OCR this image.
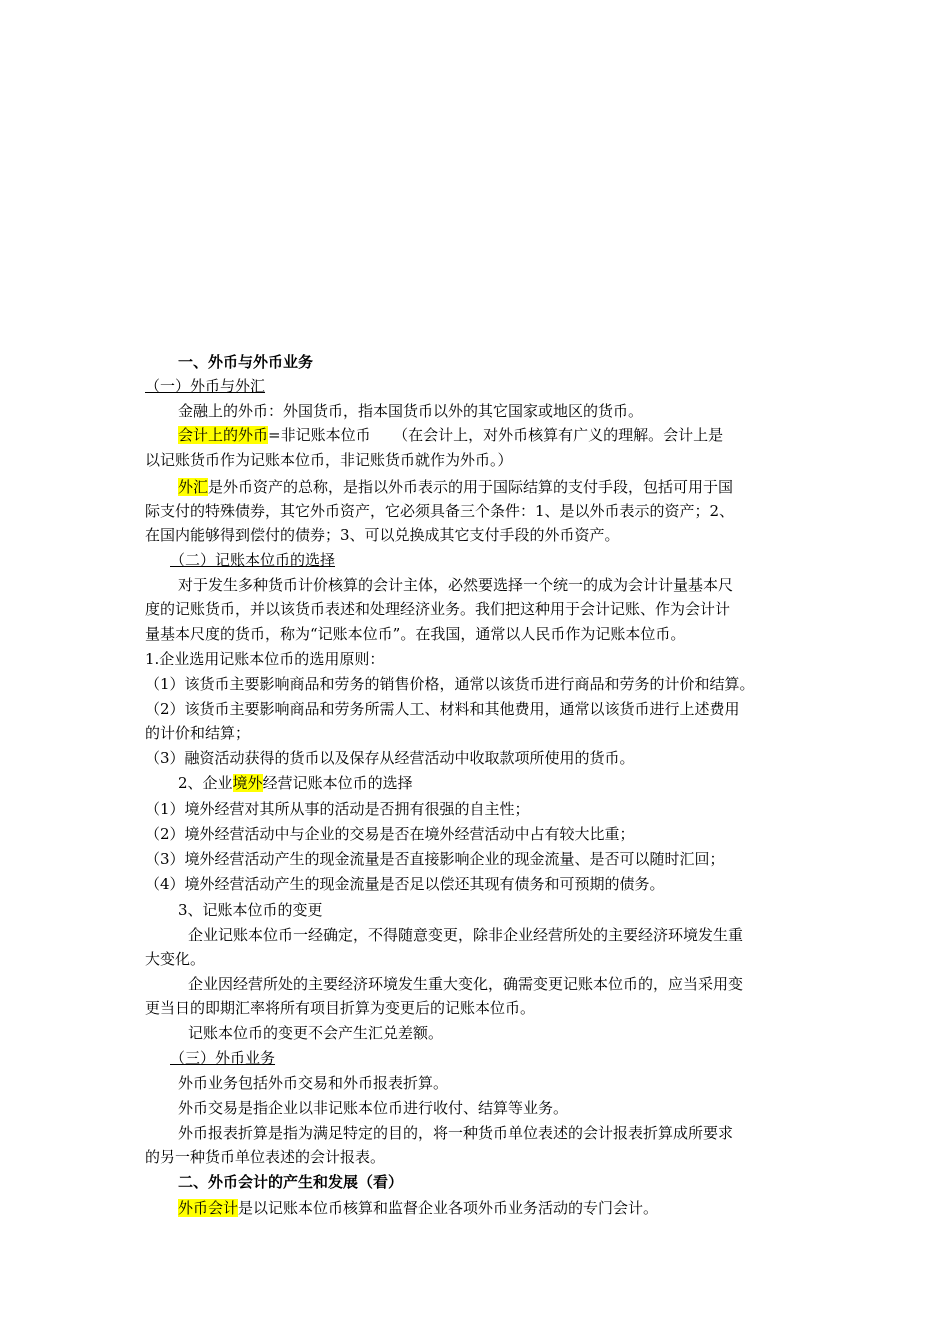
一、外币与外币业务
（一）外币与外汇
金融上的外币：外国货币，指本国货币以外的其它国家或地区的货币。
会计上的外币=非记账本位币　　（在会计上，对外币核算有广义的理解。会计上是
以记账货币作为记账本位币，非记账货币就作为外币。）
外汇是外币资产的总称，是指以外币表示的用于国际结算的支付手段，包括可用于国
际支付的特殊债券，其它外币资产，它必须具备三个条件：1、是以外币表示的资产；2、
在国内能够得到偿付的债券；3、可以兑换成其它支付手段的外币资产。
（二）记账本位币的选择
对于发生多种货币计价核算的会计主体，必然要选择一个统一的成为会计计量基本尺
度的记账货币，并以该货币表述和处理经济业务。我们把这种用于会计记账、作为会计计
量基本尺度的货币，称为“记账本位币”。在我国，通常以人民币作为记账本位币。
1.企业选用记账本位币的选用原则：
（1）该货币主要影响商品和劳务的销售价格，通常以该货币进行商品和劳务的计价和结算。
（2）该货币主要影响商品和劳务所需人工、材料和其他费用，通常以该货币进行上述费用
的计价和结算；
（3）融资活动获得的货币以及保存从经营活动中收取款项所使用的货币。
2、企业境外经营记账本位币的选择
（1）境外经营对其所从事的活动是否拥有很强的自主性；
（2）境外经营活动中与企业的交易是否在境外经营活动中占有较大比重；
（3）境外经营活动产生的现金流量是否直接影响企业的现金流量、是否可以随时汇回；
（4）境外经营活动产生的现金流量是否足以偿还其现有债务和可预期的债务。
3、记账本位币的变更
企业记账本位币一经确定，不得随意变更，除非企业经营所处的主要经济环境发生重
大变化。
企业因经营所处的主要经济环境发生重大变化，确需变更记账本位币的，应当采用变
更当日的即期汇率将所有项目折算为变更后的记账本位币。
记账本位币的变更不会产生汇兑差额。
（三）外币业务
外币业务包括外币交易和外币报表折算。
外币交易是指企业以非记账本位币进行收付、结算等业务。
外币报表折算是指为满足特定的目的，将一种货币单位表述的会计报表折算成所要求
的另一种货币单位表述的会计报表。
二、外币会计的产生和发展（看）
外币会计是以记账本位币核算和监督企业各项外币业务活动的专门会计。
